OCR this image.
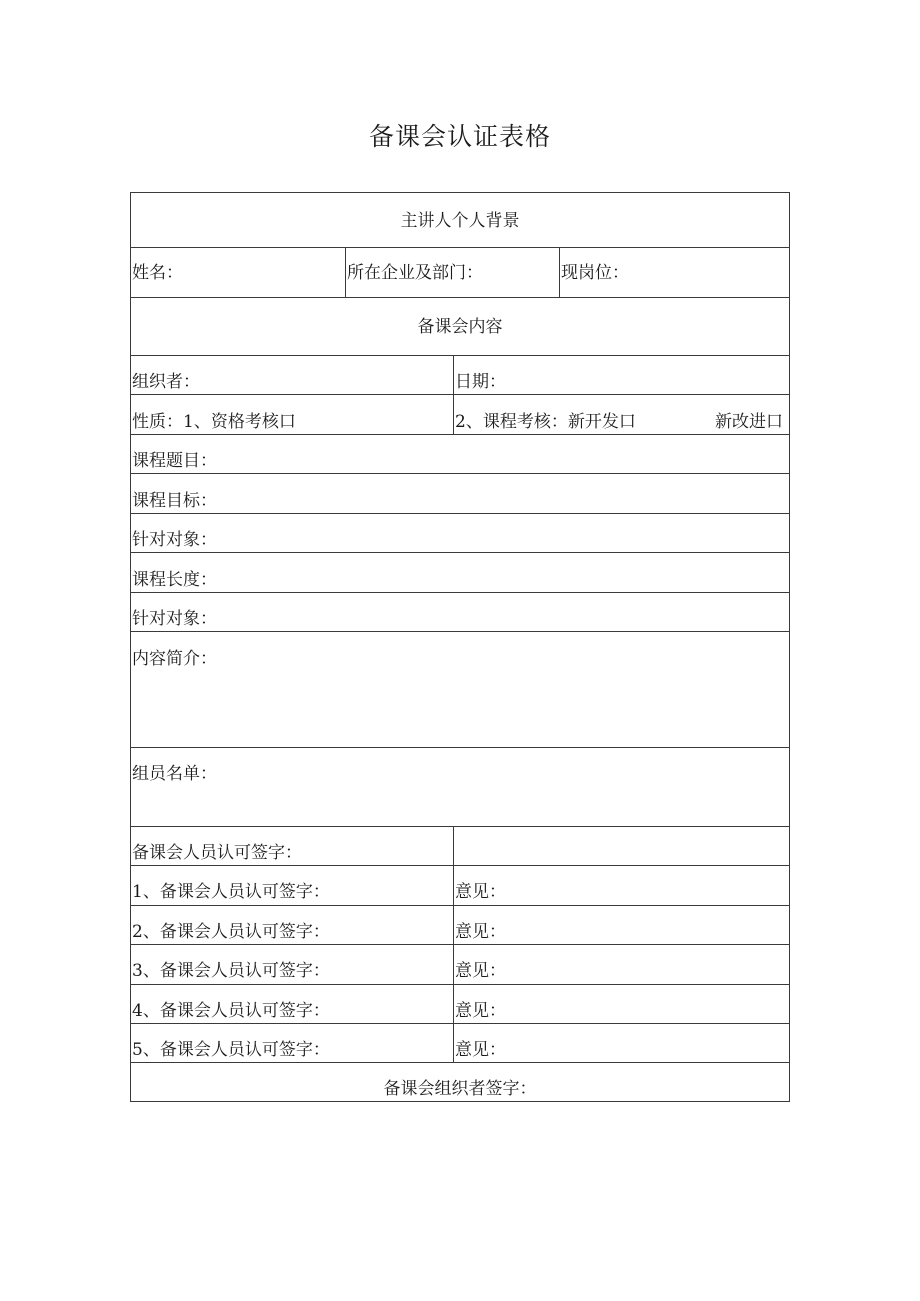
备课会认证表格
主讲人个人背景
姓名：	所在企业及部门：	现岗位：
备课会内容
组织者：	日期：
性质：1、资格考核口	2、课程考核：新开发口	新改进口
课程题目：
课程目标：
针对对象：
课程长度：
针对对象：
内容简介：
组员名单：
备课会人员认可签字：
1、备课会人员认可签字：	意见：
2、备课会人员认可签字：	意见：
3、备课会人员认可签字：	意见：
4、备课会人员认可签字：	意见：
5、备课会人员认可签字：	意见：
备课会组织者签字：
